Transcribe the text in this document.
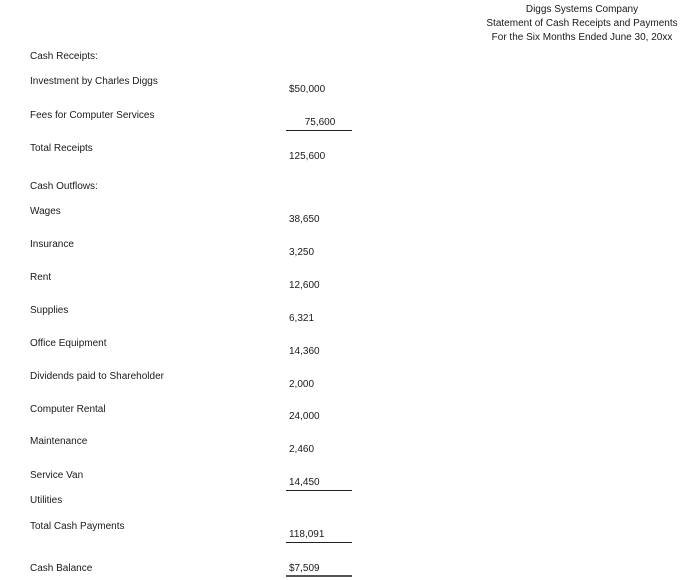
Diggs Systems Company
Statement of Cash Receipts and Payments
For the Six Months Ended June 30, 20xx
Cash Receipts:
Investment by Charles Diggs
$50,000
Fees for Computer Services
75,600
Total Receipts
125,600
Cash Outflows:
Wages
38,650
Insurance
3,250
Rent
12,600
Supplies
6,321
Office Equipment
14,360
Dividends paid to Shareholder
2,000
Computer Rental
24,000
Maintenance
2,460
Service Van
14,450
Utilities
Total Cash Payments
118,091
Cash Balance	$7,509
